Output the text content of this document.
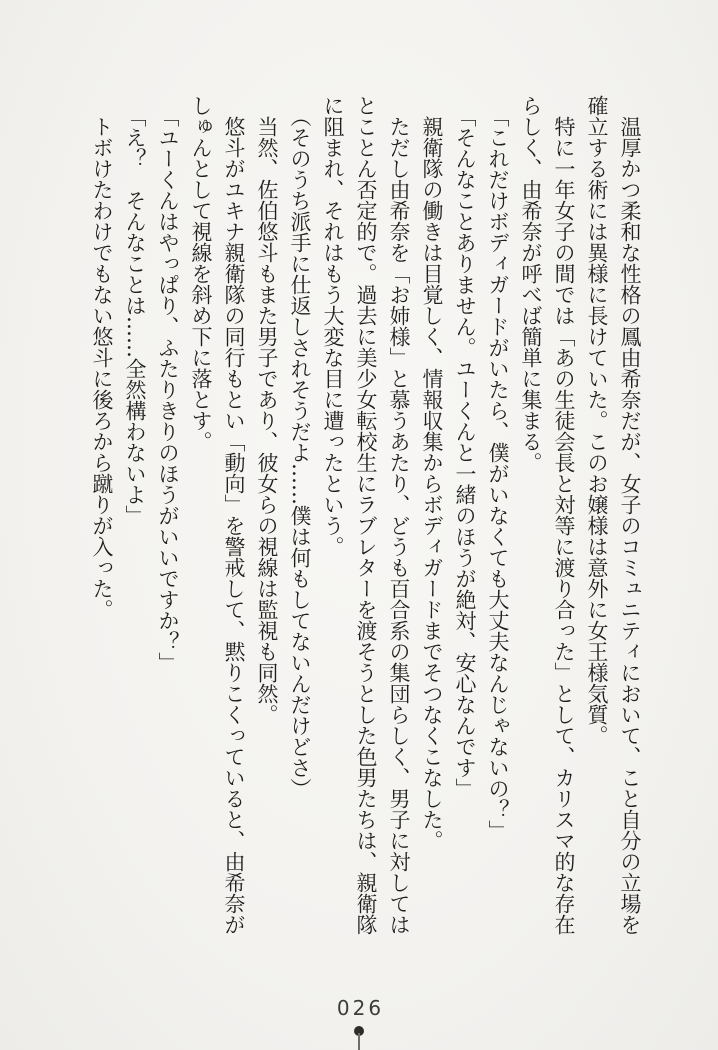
温厚かつ柔和な性格の鳳由希奈だが、女子のコミュニティにおいて、こと自分の立場を確立する術には異様に長けていた。このお嬢様は意外に女王様気質。

特に一年女子の間では「あの生徒会長と対等に渡り合った」として、カリスマ的な存在らしく、由希奈が呼べば簡単に集まる。

「これだけボディガードがいたら、僕がいなくても大丈夫なんじゃないの？」

「そんなことありません。ユーくんと一緒のほうが絶対、安心なんです」

親衛隊の働きは目覚しく、情報収集からボディガードまでそつなくこなした。

ただし由希奈を「お姉様」と慕うあたり、どうも百合系の集団らしく、男子に対してはとことん否定的で。過去に美少女転校生にラブレターを渡そうとした色男たちは、親衛隊に阻まれ、それはもう大変な目に遭ったという。

（そのうち派手に仕返しされそうだよ……僕は何もしてないんだけどさ）

当然、佐伯悠斗もまた男子であり、彼女らの視線は監視も同然。

悠斗がユキナ親衛隊の同行もとい「動向」を警戒して、黙りこくっていると、由希奈がしゅんとして視線を斜め下に落とす。

「ユーくんはやっぱり、ふたりきりのほうがいいですか？」

「え？　そんなことは……全然構わないよ」

トボけたわけでもない悠斗に後ろから蹴りが入った。

026
